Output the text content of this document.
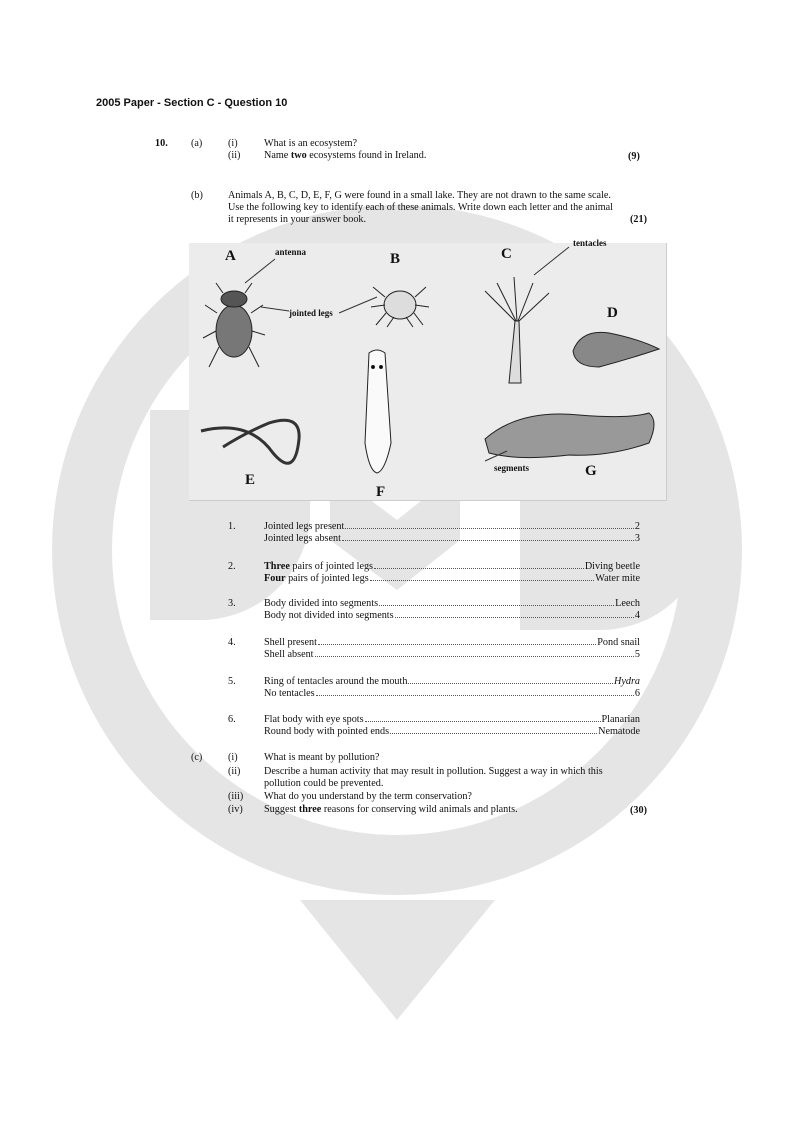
2005 Paper - Section C - Question 10
10. (a)	(i)	What is an ecosystem?
(ii) Name two ecosystems found in Ireland.	(9)
(b) Animals A, B, C, D, E, F, G were found in a small lake. They are not drawn to the same scale.
Use the following key to identify each of these animals. Write down each letter and the animal
it represents in your answer book.	(21)
A	B	C
D
E
F
G
antenna
jointed legs
tentacles
segments
1.	Jointed legs present	2
Jointed legs absent	3
2.	Three pairs of jointed legs	Diving beetle
Four pairs of jointed legs	Water mite
3.	Body divided into segments	Leech
Body not divided into segments	4
4.	Shell present	Pond snail
Shell absent	5
5.	Ring of tentacles around the mouth	Hydra
No tentacles	6
6.	Flat body with eye spots	Planarian
Round body with pointed ends	Nematode
(c)	(i)	What is meant by pollution?
(ii) Describe a human activity that may result in pollution. Suggest a way in which this
pollution could be prevented.
(iii) What do you understand by the term conservation?
(iv) Suggest three reasons for conserving wild animals and plants.	(30)
